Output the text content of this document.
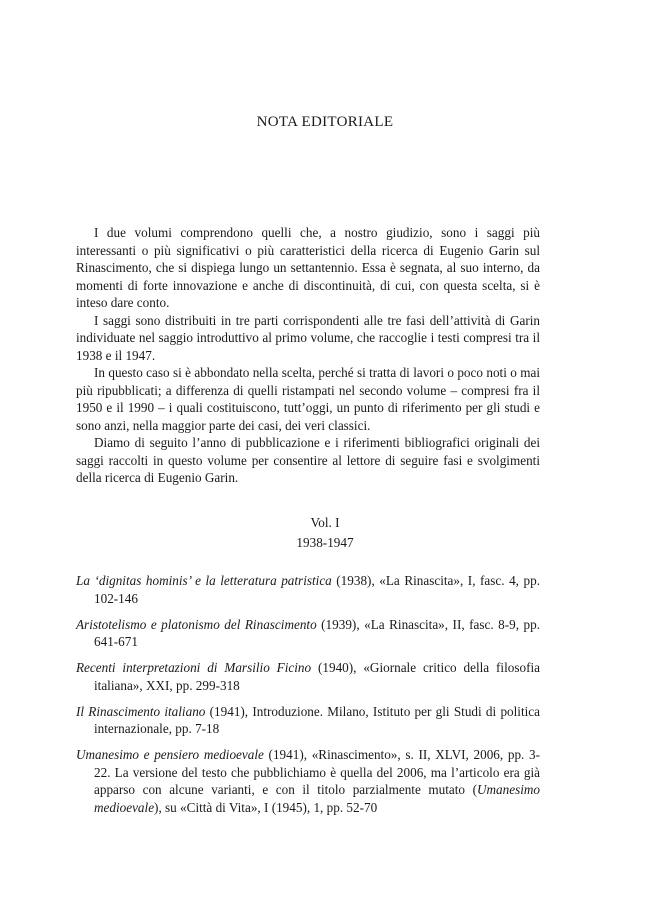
NOTA EDITORIALE

I due volumi comprendono quelli che, a nostro giudizio, sono i saggi più interessanti o più significativi o più caratteristici della ricerca di Eugenio Garin sul Rinascimento, che si dispiega lungo un settantennio. Essa è segnata, al suo interno, da momenti di forte innovazione e anche di discontinuità, di cui, con questa scelta, si è inteso dare conto.

I saggi sono distribuiti in tre parti corrispondenti alle tre fasi dell’attività di Garin individuate nel saggio introduttivo al primo volume, che raccoglie i testi compresi tra il 1938 e il 1947.

In questo caso si è abbondato nella scelta, perché si tratta di lavori o poco noti o mai più ripubblicati; a differenza di quelli ristampati nel secondo volume – compresi fra il 1950 e il 1990 – i quali costituiscono, tutt’oggi, un punto di riferimento per gli studi e sono anzi, nella maggior parte dei casi, dei veri classici.

Diamo di seguito l’anno di pubblicazione e i riferimenti bibliografici originali dei saggi raccolti in questo volume per consentire al lettore di seguire fasi e svolgimenti della ricerca di Eugenio Garin.

Vol. I
1938-1947
La ‘dignitas hominis’ e la letteratura patristica (1938), «La Rinascita», I, fasc. 4, pp. 102-146
Aristotelismo e platonismo del Rinascimento (1939), «La Rinascita», II, fasc. 8-9, pp. 641-671
Recenti interpretazioni di Marsilio Ficino (1940), «Giornale critico della filosofia italiana», XXI, pp. 299-318
Il Rinascimento italiano (1941), Introduzione. Milano, Istituto per gli Studi di politica internazionale, pp. 7-18
Umanesimo e pensiero medioevale (1941), «Rinascimento», s. II, XLVI, 2006, pp. 3-22. La versione del testo che pubblichiamo è quella del 2006, ma l’articolo era già apparso con alcune varianti, e con il titolo parzialmente mutato (Umanesimo medioevale), su «Città di Vita», I (1945), 1, pp. 52-70
